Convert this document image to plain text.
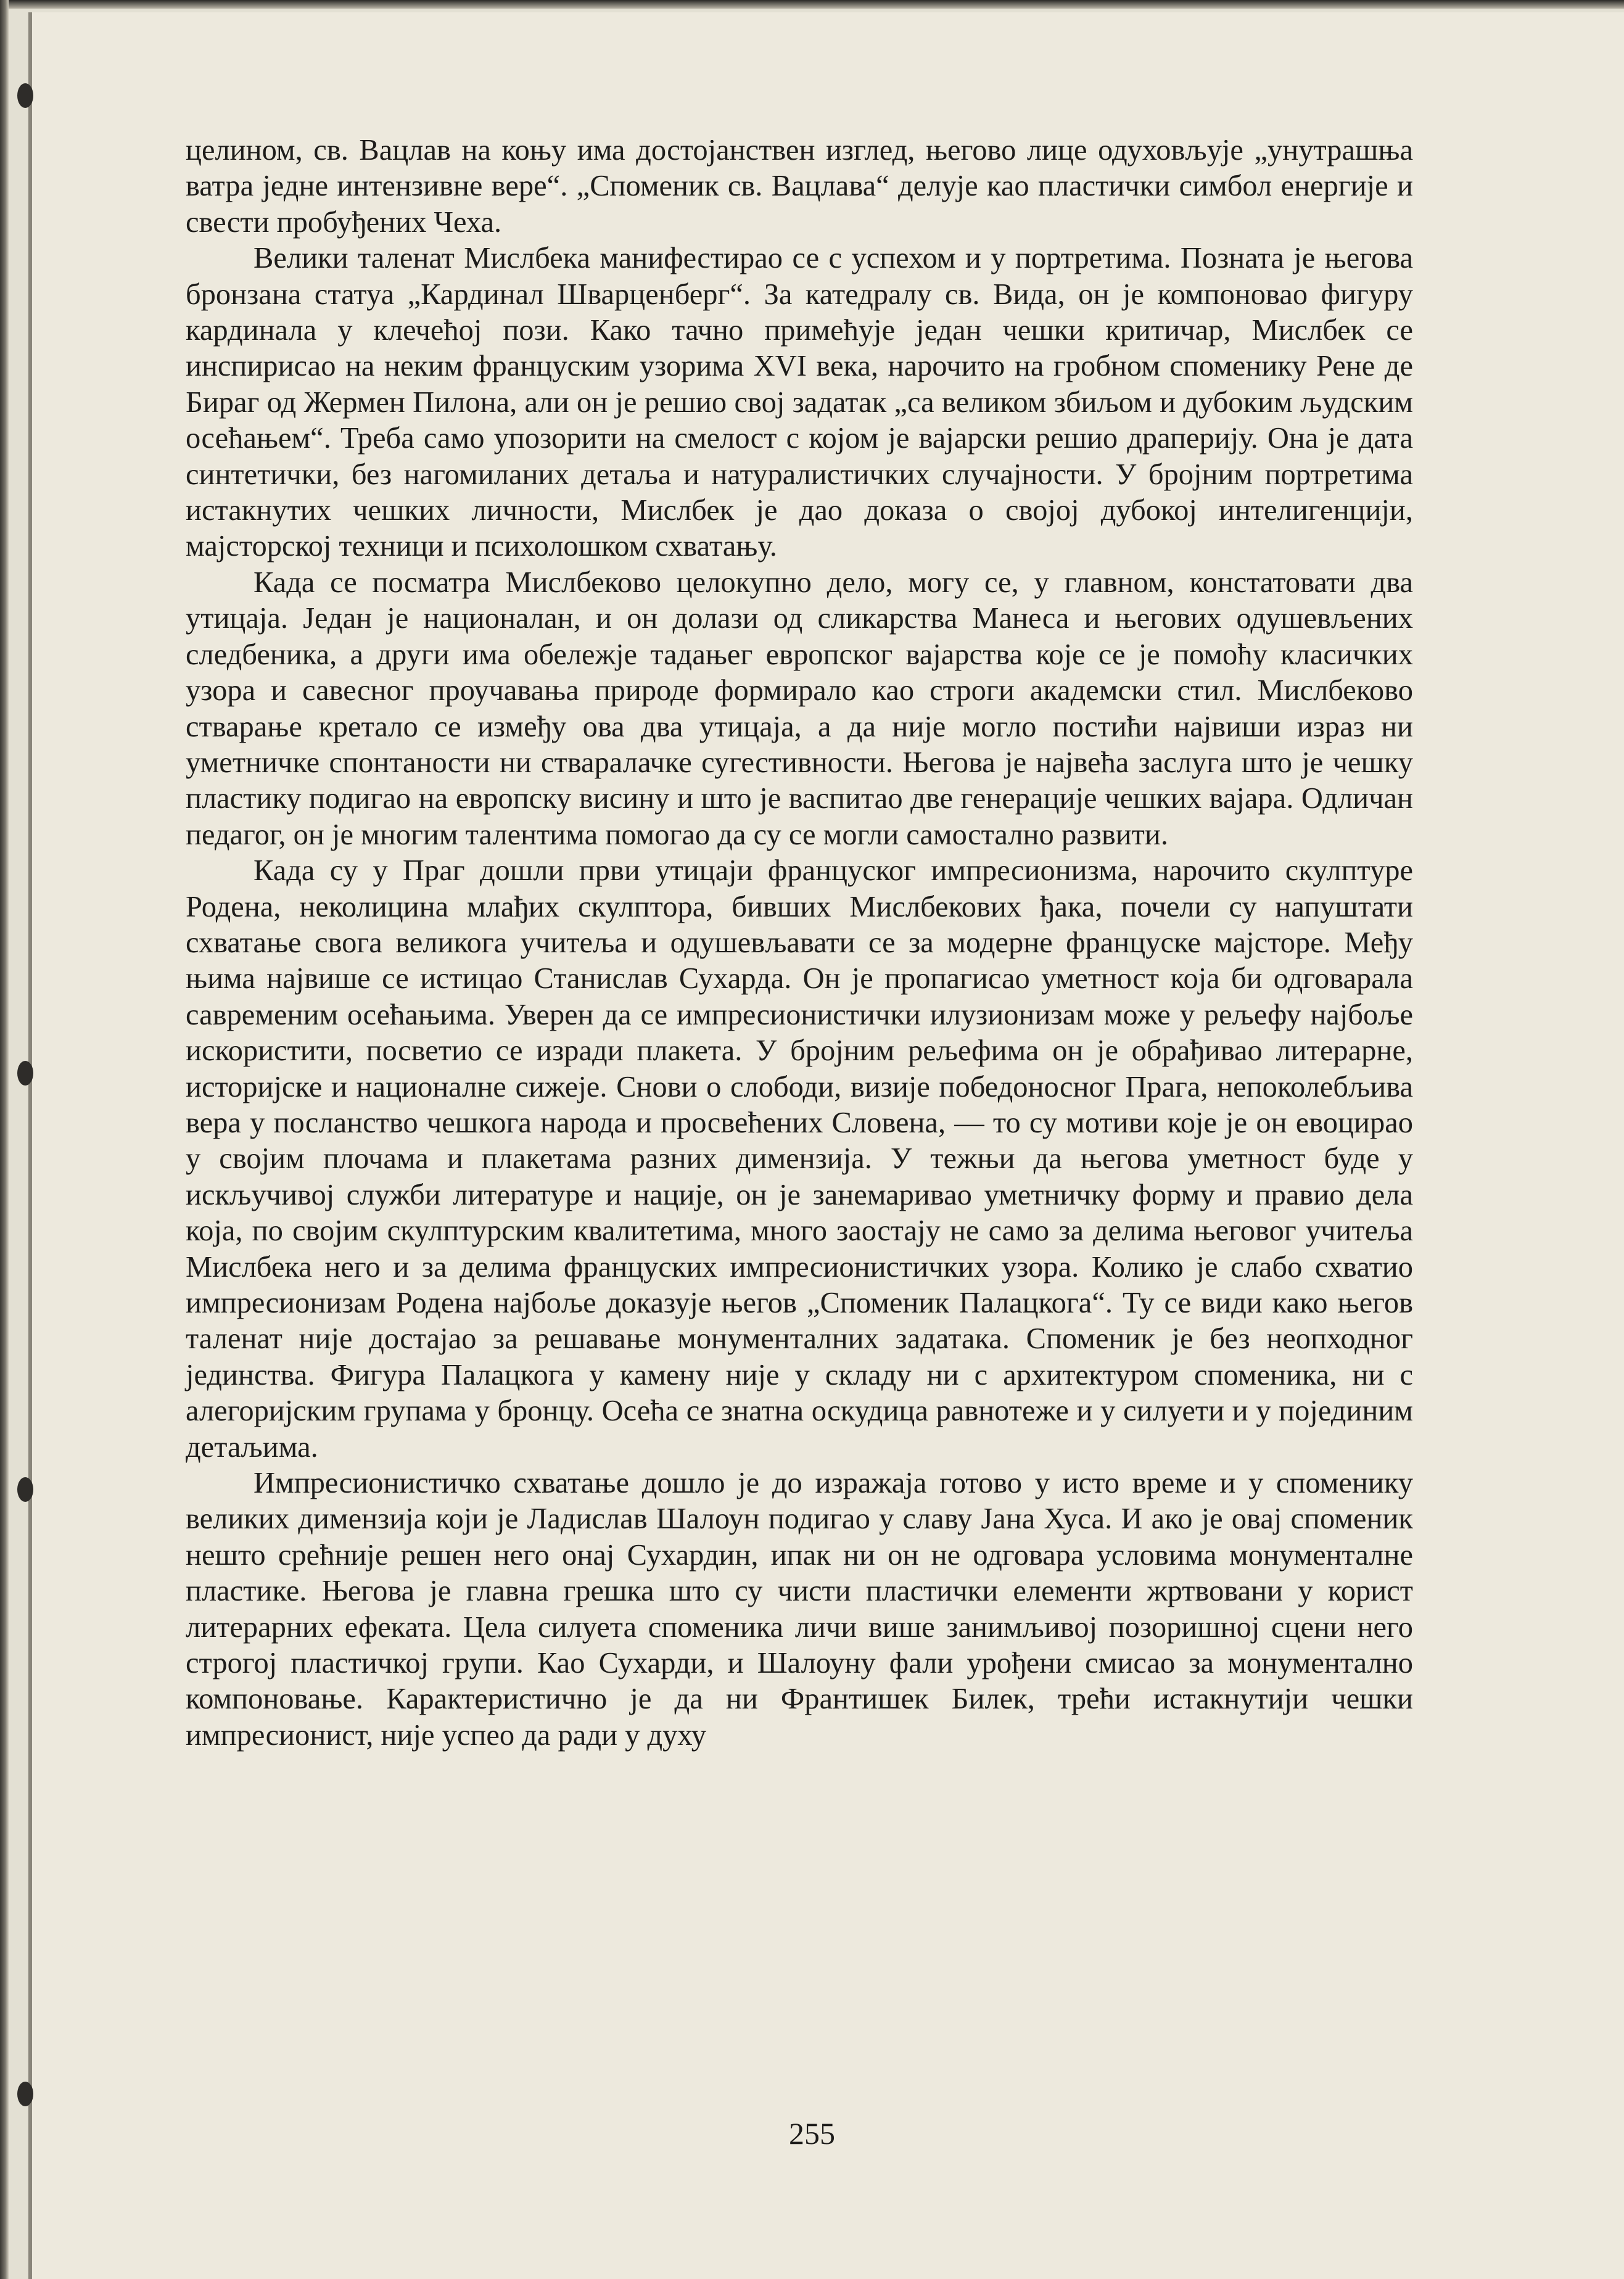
целином, св. Вацлав на коњу има достојанствен изглед, његово лице одуховљује „унутрашња ватра једне интензивне вере“. „Споменик св. Вацлава“ делује као пластички симбол енергије и свести пробуђених Чеха.

Велики таленат Мислбека манифестирао се с успехом и у портретима. Позната је његова бронзана статуа „Кардинал Шварценберг“. За катедралу св. Вида, он је компоновао фигуру кардинала у клечећој пози. Како тачно примећује један чешки критичар, Мислбек се инспирисао на неким француским узорима XVI века, нарочито на гробном споменику Рене де Бираг од Жермен Пилона, али он је решио свој задатак „са великом збиљом и дубоким људским осећањем“. Треба само упозорити на смелост с којом је вајарски решио драперију. Она је дата синтетички, без нагомиланих детаља и натуралистичких случајности. У бројним портретима истакнутих чешких личности, Мислбек је дао доказа о својој дубокој интелигенцији, мајсторској техници и психолошком схватању.

Када се посматра Мислбеково целокупно дело, могу се, у главном, констатовати два утицаја. Један је националан, и он долази од сликарства Манеса и његових одушевљених следбеника, а други има обележје тадањег европског вајарства које се је помоћу класичких узора и савесног проучавања природе формирало као строги академски стил. Мислбеково стварање кретало се између ова два утицаја, а да није могло постићи највиши израз ни уметничке спонтаности ни стваралачке сугестивности. Његова је највећа заслуга што је чешку пластику подигао на европску висину и што је васпитао две генерације чешких вајара. Одличан педагог, он је многим талентима помогао да су се могли самостално развити.

Када су у Праг дошли први утицаји француског импресионизма, нарочито скулптуре Родена, неколицина млађих скулптора, бивших Мислбекових ђака, почели су напуштати схватање свога великога учитеља и одушевљавати се за модерне француске мајсторе. Међу њима највише се истицао Станислав Сухарда. Он је пропагисао уметност која би одговарала савременим осећањима. Уверен да се импресионистички илузионизам може у рељефу најбоље искористити, посветио се изради плакета. У бројним рељефима он је обрађивао литерарне, историјске и националне сижеје. Снови о слободи, визије победоносног Прага, непоколебљива вера у посланство чешкога народа и просвећених Словена, — то су мотиви које је он евоцирао у својим плочама и плакетама разних димензија. У тежњи да његова уметност буде у искључивој служби литературе и нације, он је занемаривао уметничку форму и правио дела која, по својим скулптурским квалитетима, много заостају не само за делима његовог учитеља Мислбека него и за делима француских импресионистичких узора. Колико је слабо схватио импресионизам Родена најбоље доказује његов „Споменик Палацкога“. Ту се види како његов таленат није достајао за решавање монументалних задатака. Споменик је без неопходног јединства. Фигура Палацкога у камену није у складу ни с архитектуром споменика, ни с алегоријским групама у бронцу. Осећа се знатна оскудица равнотеже и у силуети и у појединим детаљима.

Импресионистичко схватање дошло је до изражаја готово у исто време и у споменику великих димензија који је Ладислав Шалоун подигао у славу Јана Хуса. И ако је овај споменик нешто срећније решен него онај Сухардин, ипак ни он не одговара условима монументалне пластике. Његова је главна грешка што су чисти пластички елементи жртвовани у корист литерарних ефеката. Цела силуета споменика личи више занимљивој позоришној сцени него строгој пластичкој групи. Као Сухарди, и Шалоуну фали урођени смисао за монументално компоновање. Карактеристично је да ни Франтишек Билек, трећи истакнутији чешки импресионист, није успео да ради у духу

255
